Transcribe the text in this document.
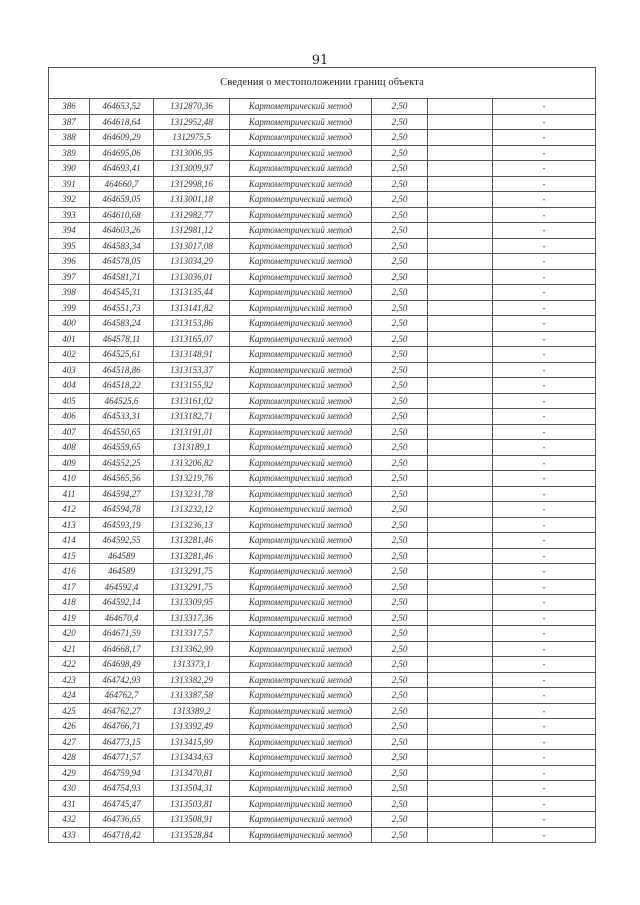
91
Сведения о местоположении границ объекта						
386	464653,52	1312870,36	Картометрический метод	2,50		-
387	464618,64	1312952,48	Картометрический метод	2,50		-
388	464609,29	1312975,5	Картометрический метод	2,50		-
389	464695,06	1313006,95	Картометрический метод	2,50		-
390	464693,41	1313009,97	Картометрический метод	2,50		-
391	464660,7	1312998,16	Картометрический метод	2,50		-
392	464659,05	1313001,18	Картометрический метод	2,50		-
393	464610,68	1312982,77	Картометрический метод	2,50		-
394	464603,26	1312981,12	Картометрический метод	2,50		-
395	464583,34	1313017,08	Картометрический метод	2,50		-
396	464578,05	1313034,29	Картометрический метод	2,50		-
397	464581,71	1313036,01	Картометрический метод	2,50		-
398	464545,31	1313135,44	Картометрический метод	2,50		-
399	464551,73	1313141,82	Картометрический метод	2,50		-
400	464583,24	1313153,86	Картометрический метод	2,50		-
401	464578,11	1313165,07	Картометрический метод	2,50		-
402	464525,61	1313148,91	Картометрический метод	2,50		-
403	464518,86	1313153,37	Картометрический метод	2,50		-
404	464518,22	1313155,92	Картометрический метод	2,50		-
405	464525,6	1313161,02	Картометрический метод	2,50		-
406	464533,31	1313182,71	Картометрический метод	2,50		-
407	464550,65	1313191,01	Картометрический метод	2,50		-
408	464559,65	1313189,1	Картометрический метод	2,50		-
409	464552,25	1313206,82	Картометрический метод	2,50		-
410	464565,56	1313219,76	Картометрический метод	2,50		-
411	464594,27	1313231,78	Картометрический метод	2,50		-
412	464594,78	1313232,12	Картометрический метод	2,50		-
413	464593,19	1313236,13	Картометрический метод	2,50		-
414	464592,55	1313281,46	Картометрический метод	2,50		-
415	464589	1313281,46	Картометрический метод	2,50		-
416	464589	1313291,75	Картометрический метод	2,50		-
417	464592,4	1313291,75	Картометрический метод	2,50		-
418	464592,14	1313309,95	Картометрический метод	2,50		-
419	464670,4	1313317,36	Картометрический метод	2,50		-
420	464671,59	1313317,57	Картометрический метод	2,50		-
421	464668,17	1313362,99	Картометрический метод	2,50		-
422	464698,49	1313373,1	Картометрический метод	2,50		-
423	464742,93	1313382,29	Картометрический метод	2,50		-
424	464762,7	1313387,58	Картометрический метод	2,50		-
425	464762,27	1313389,2	Картометрический метод	2,50		-
426	464766,71	1313392,49	Картометрический метод	2,50		-
427	464773,15	1313415,99	Картометрический метод	2,50		-
428	464771,57	1313434,63	Картометрический метод	2,50		-
429	464759,94	1313470,81	Картометрический метод	2,50		-
430	464754,93	1313504,31	Картометрический метод	2,50		-
431	464745,47	1313503,81	Картометрический метод	2,50		-
432	464736,65	1313508,91	Картометрический метод	2,50		-
433	464718,42	1313528,84	Картометрический метод	2,50		-
